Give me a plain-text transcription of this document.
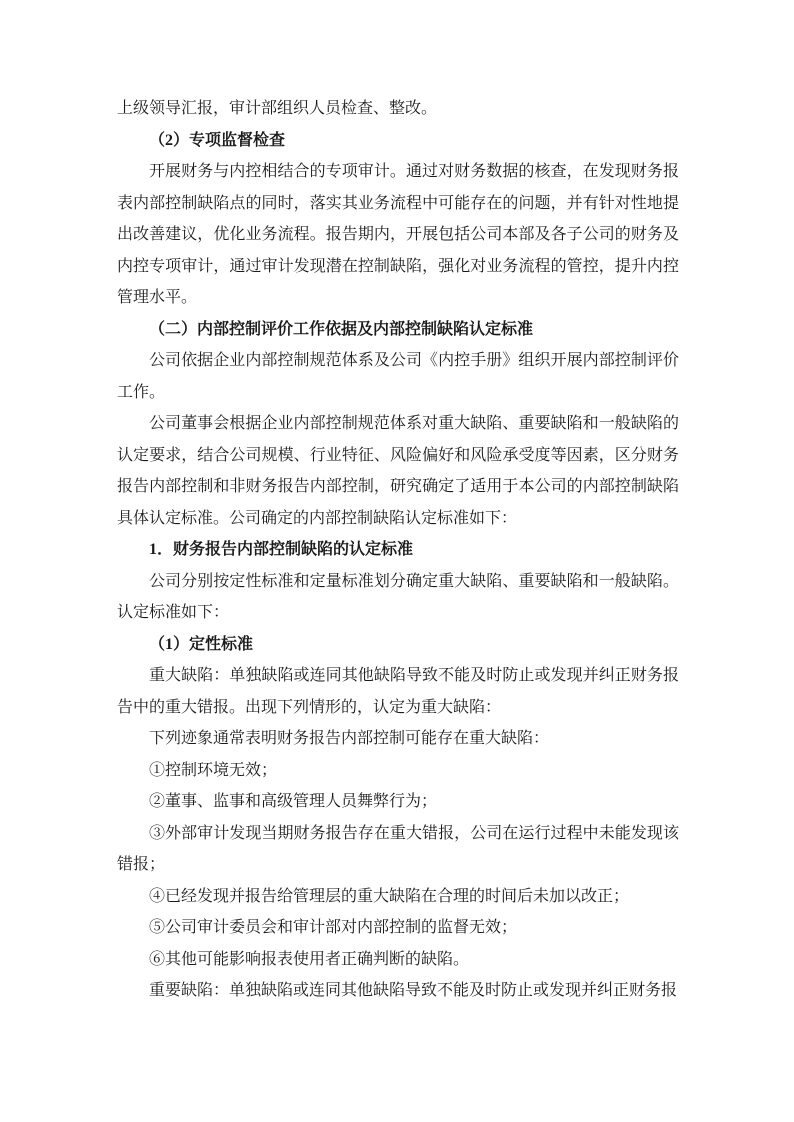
上级领导汇报，审计部组织人员检查、整改。

（2）专项监督检查

开展财务与内控相结合的专项审计。通过对财务数据的核查，在发现财务报表内部控制缺陷点的同时，落实其业务流程中可能存在的问题，并有针对性地提出改善建议，优化业务流程。报告期内，开展包括公司本部及各子公司的财务及内控专项审计，通过审计发现潜在控制缺陷，强化对业务流程的管控，提升内控管理水平。

（二）内部控制评价工作依据及内部控制缺陷认定标准

公司依据企业内部控制规范体系及公司《内控手册》组织开展内部控制评价工作。

公司董事会根据企业内部控制规范体系对重大缺陷、重要缺陷和一般缺陷的认定要求，结合公司规模、行业特征、风险偏好和风险承受度等因素，区分财务报告内部控制和非财务报告内部控制，研究确定了适用于本公司的内部控制缺陷具体认定标准。公司确定的内部控制缺陷认定标准如下：

1．财务报告内部控制缺陷的认定标准

公司分别按定性标准和定量标准划分确定重大缺陷、重要缺陷和一般缺陷。认定标准如下：

（1）定性标准

重大缺陷：单独缺陷或连同其他缺陷导致不能及时防止或发现并纠正财务报告中的重大错报。出现下列情形的，认定为重大缺陷：

下列迹象通常表明财务报告内部控制可能存在重大缺陷：

①控制环境无效；

②董事、监事和高级管理人员舞弊行为；

③外部审计发现当期财务报告存在重大错报，公司在运行过程中未能发现该错报；

④已经发现并报告给管理层的重大缺陷在合理的时间后未加以改正；

⑤公司审计委员会和审计部对内部控制的监督无效；

⑥其他可能影响报表使用者正确判断的缺陷。

重要缺陷：单独缺陷或连同其他缺陷导致不能及时防止或发现并纠正财务报
